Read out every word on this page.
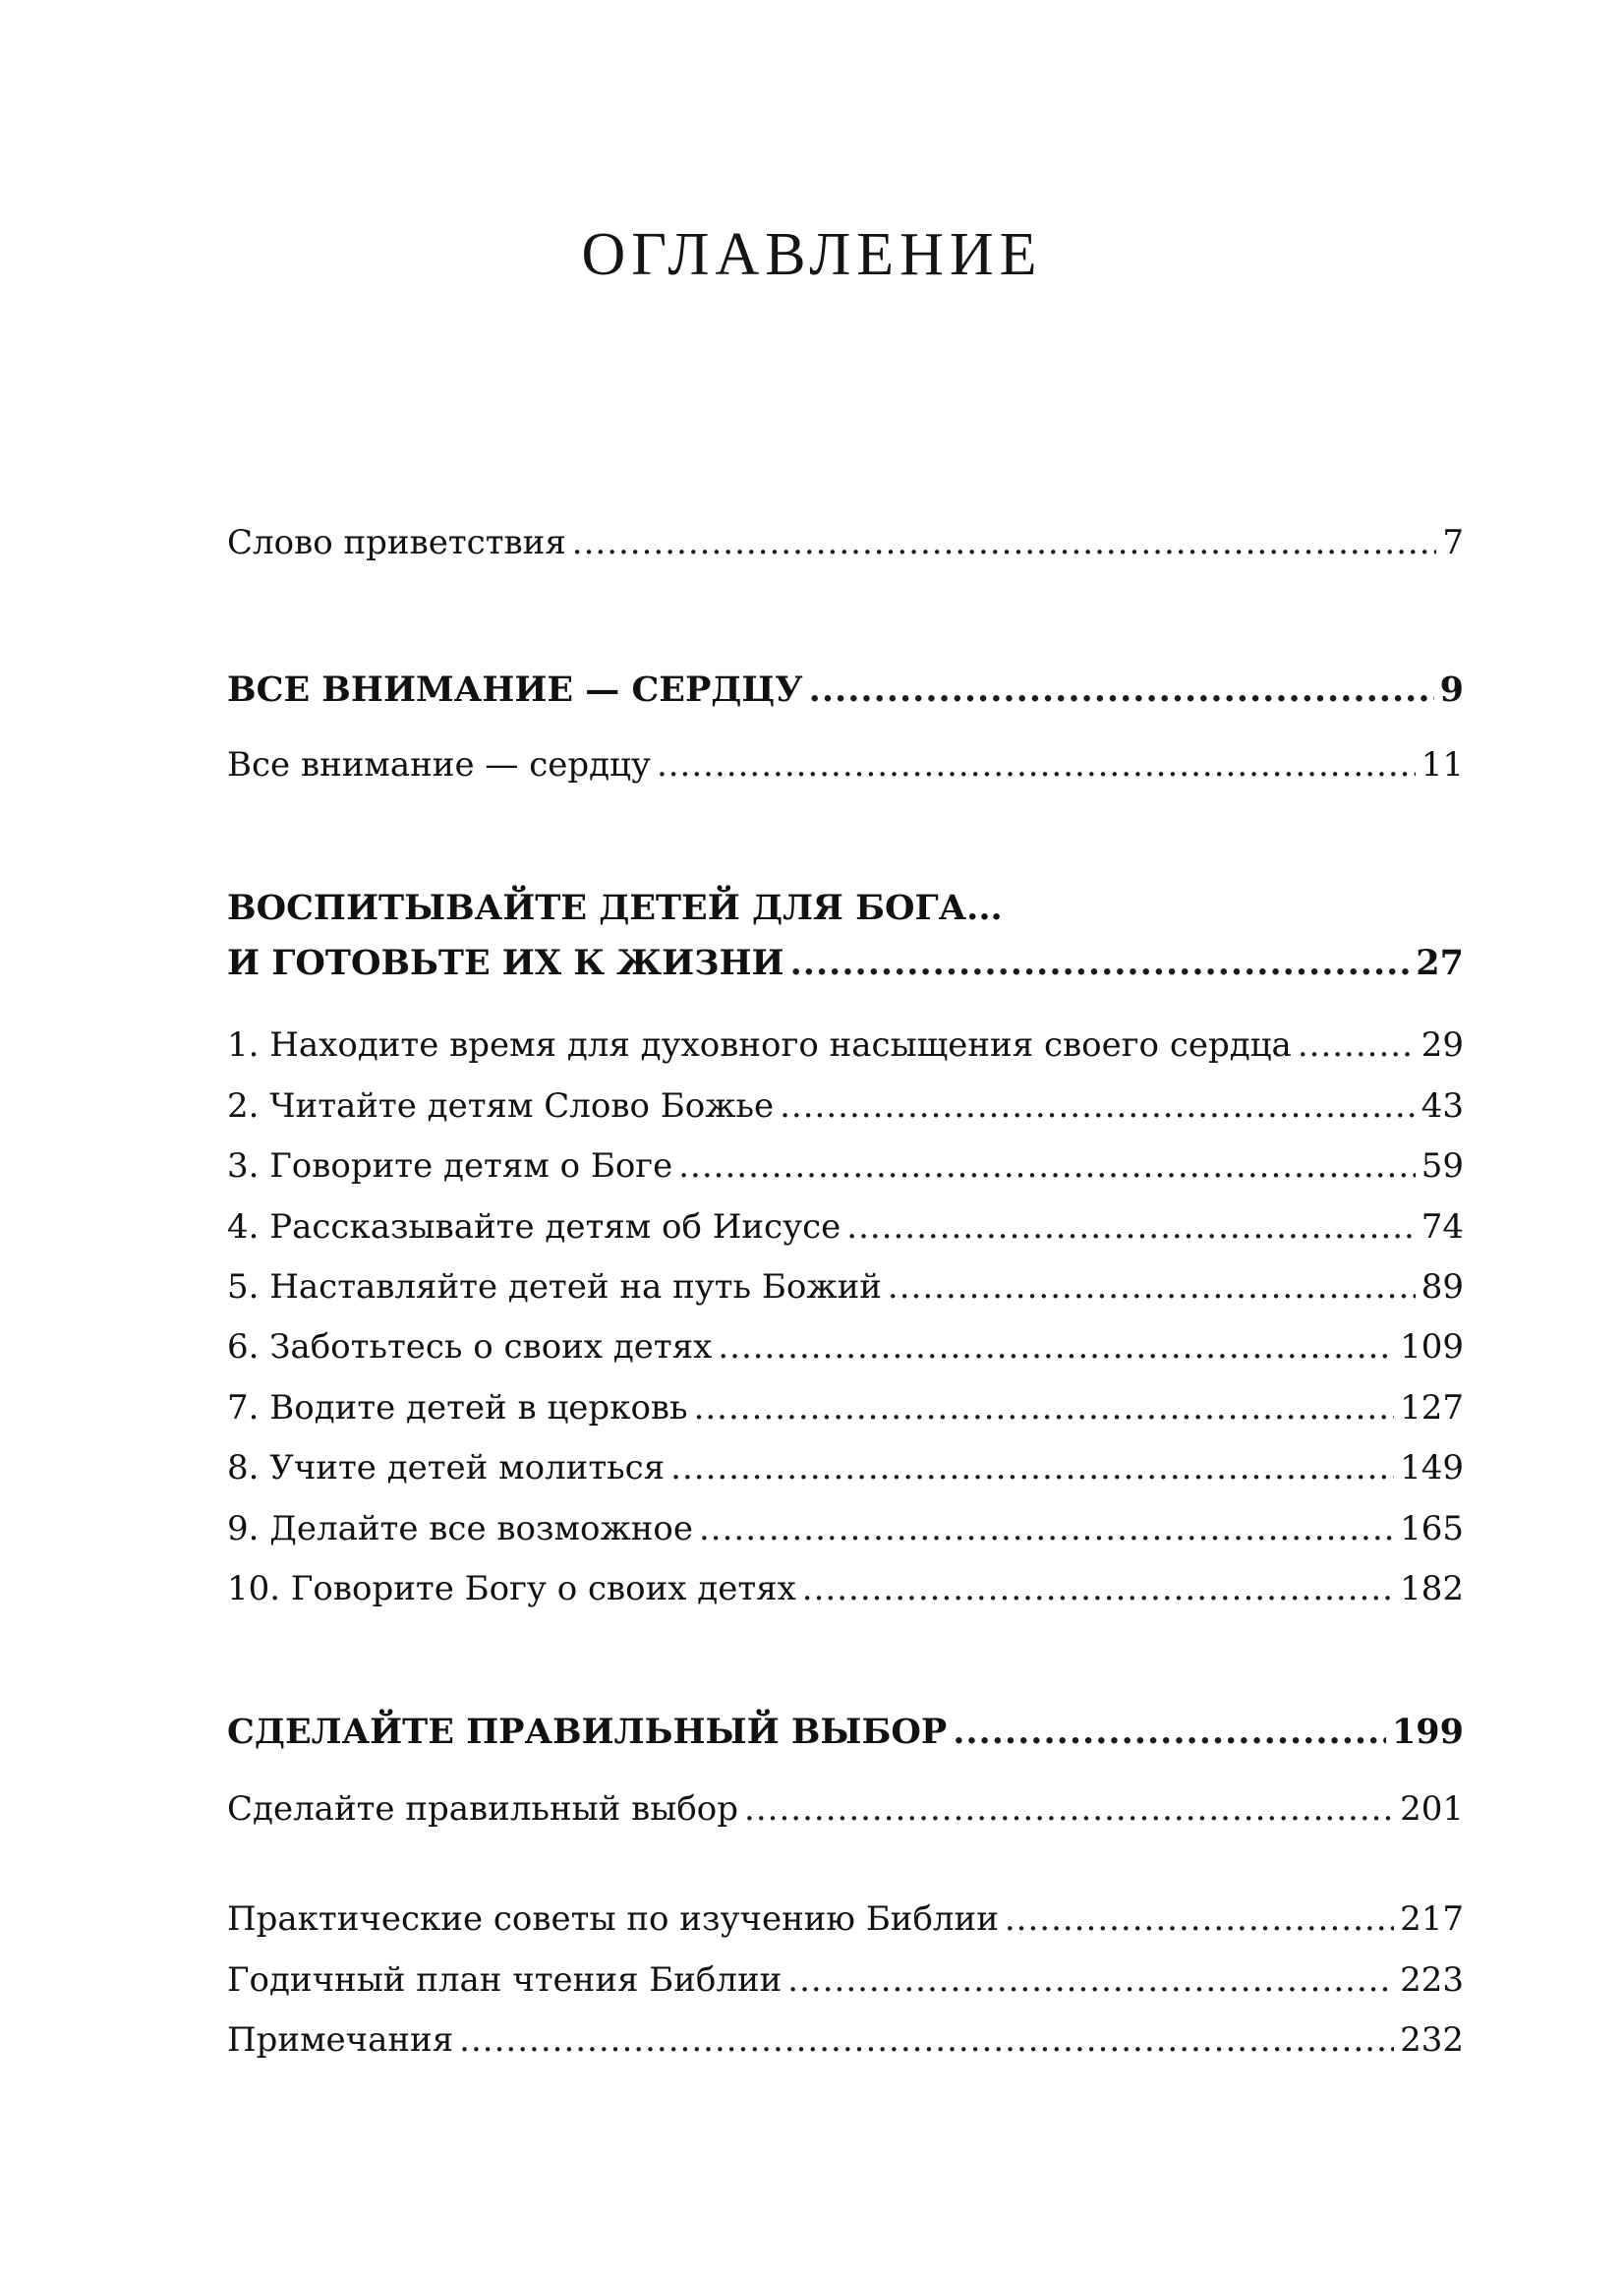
ОГЛАВЛЕНИЕ
Слово приветствия .....	7
ВСЕ ВНИМАНИЕ — СЕРДЦУ .....	9
Все внимание — сердцу .....	11
ВОСПИТЫВАЙТЕ ДЕТЕЙ ДЛЯ БОГА...
И ГОТОВЬТЕ ИХ К ЖИЗНИ .....	27
1. Находите время для духовного насыщения своего сердца .....	29
2. Читайте детям Слово Божье .....	43
3. Говорите детям о Боге .....	59
4. Рассказывайте детям об Иисусе .....	74
5. Наставляйте детей на путь Божий .....	89
6. Заботьтесь о своих детях .....	109
7. Водите детей в церковь .....	127
8. Учите детей молиться .....	149
9. Делайте все возможное .....	165
10. Говорите Богу о своих детях .....	182
СДЕЛАЙТЕ ПРАВИЛЬНЫЙ ВЫБОР .....	199
Сделайте правильный выбор .....	201
Практические советы по изучению Библии .....	217
Годичный план чтения Библии .....	223
Примечания .....	232
